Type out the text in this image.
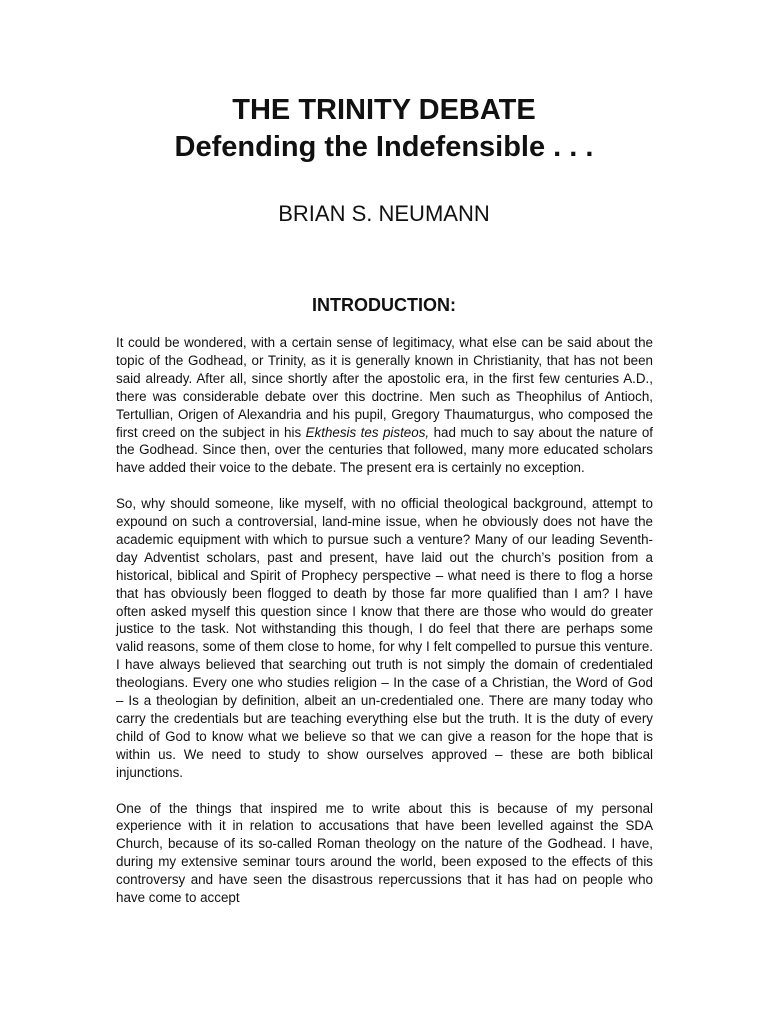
THE TRINITY DEBATE
Defending the Indefensible . . .
BRIAN S. NEUMANN
INTRODUCTION:

It could be wondered, with a certain sense of legitimacy, what else can be said about the topic of the Godhead, or Trinity, as it is generally known in Christianity, that has not been said already. After all, since shortly after the apostolic era, in the first few centuries A.D., there was considerable debate over this doctrine. Men such as Theophilus of Antioch, Tertullian, Origen of Alexandria and his pupil, Gregory Thaumaturgus, who composed the first creed on the subject in his Ekthesis tes pisteos, had much to say about the nature of the Godhead. Since then, over the centuries that followed, many more educated scholars have added their voice to the debate. The present era is certainly no exception.

So, why should someone, like myself, with no official theological background, attempt to expound on such a controversial, land-mine issue, when he obviously does not have the academic equipment with which to pursue such a venture? Many of our leading Seventh-day Adventist scholars, past and present, have laid out the church’s position from a historical, biblical and Spirit of Prophecy perspective – what need is there to flog a horse that has obviously been flogged to death by those far more qualified than I am? I have often asked myself this question since I know that there are those who would do greater justice to the task. Not withstanding this though, I do feel that there are perhaps some valid reasons, some of them close to home, for why I felt compelled to pursue this venture. I have always believed that searching out truth is not simply the domain of credentialed theologians. Every one who studies religion – In the case of a Christian, the Word of God – Is a theologian by definition, albeit an un-credentialed one. There are many today who carry the credentials but are teaching everything else but the truth. It is the duty of every child of God to know what we believe so that we can give a reason for the hope that is within us. We need to study to show ourselves approved – these are both biblical injunctions.

One of the things that inspired me to write about this is because of my personal experience with it in relation to accusations that have been levelled against the SDA Church, because of its so-called Roman theology on the nature of the Godhead. I have, during my extensive seminar tours around the world, been exposed to the effects of this controversy and have seen the disastrous repercussions that it has had on people who have come to accept
